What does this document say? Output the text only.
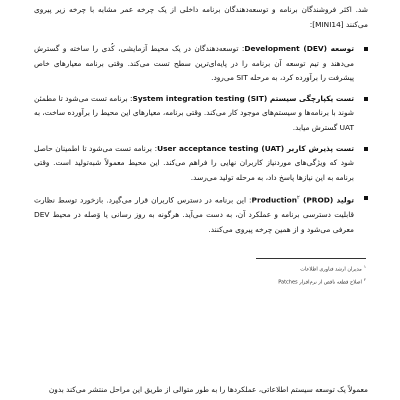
شد. اکثر فروشندگان برنامه و توسعه‌دهندگان برنامه داخلی از یک چرخه عمر مشابه با چرخه زیر پیروی می‌کنند [MINI14]:

توسعه (DEV) Development: توسعه‌دهندگان در یک محیط آزمایشی، کُدی را ساخته و گسترش می‌دهند و تیم توسعه آن برنامه را در پایه‌ای‌ترین سطح تست می‌کند. وقتی برنامه معیارهای خاص پیشرفت را برآورده کرد، به مرحله SIT می‌رود.
تست یکپارچگی سیستم (SIT) System integration testing: برنامه تست می‌شود تا مطمئن شوند با برنامه‌ها و سیستم‌های موجود کار می‌کند. وقتی برنامه، معیارهای این محیط را برآورده ساخت، به UAT گسترش میابد.
تست پذیرش کاربر (UAT) User acceptance testing: برنامه تست می‌شود تا اطمینان حاصل شود که ویژگی‌های موردنیاز کاربران نهایی را فراهم می‌کند. این محیط معمولاً شبه‌تولید است. وقتی برنامه به این نیازها پاسخ داد، به مرحله تولید می‌رسد.
تولید (PROD) Production$^۲$: این برنامه در دسترس کاربران قرار می‌گیرد. بازخورد توسط نظارت قابلیت دسترسی برنامه و عملکرد آن، به دست می‌آید. هرگونه به روز رسانی یا وَصله در محیط DEV معرفی می‌شود و از همین چرخه پیروی می‌کنند.
$^۱$مدیران ارشد فناوری اطلاعات
$^۲$اصلاح قطعه ناقص از نرم‌افزار Patches

معمولاً یک توسعه سیستم اطلاعاتی، عملکردها را به طور متوالی از طریق این مراحل منتشر می‌کند بدون
